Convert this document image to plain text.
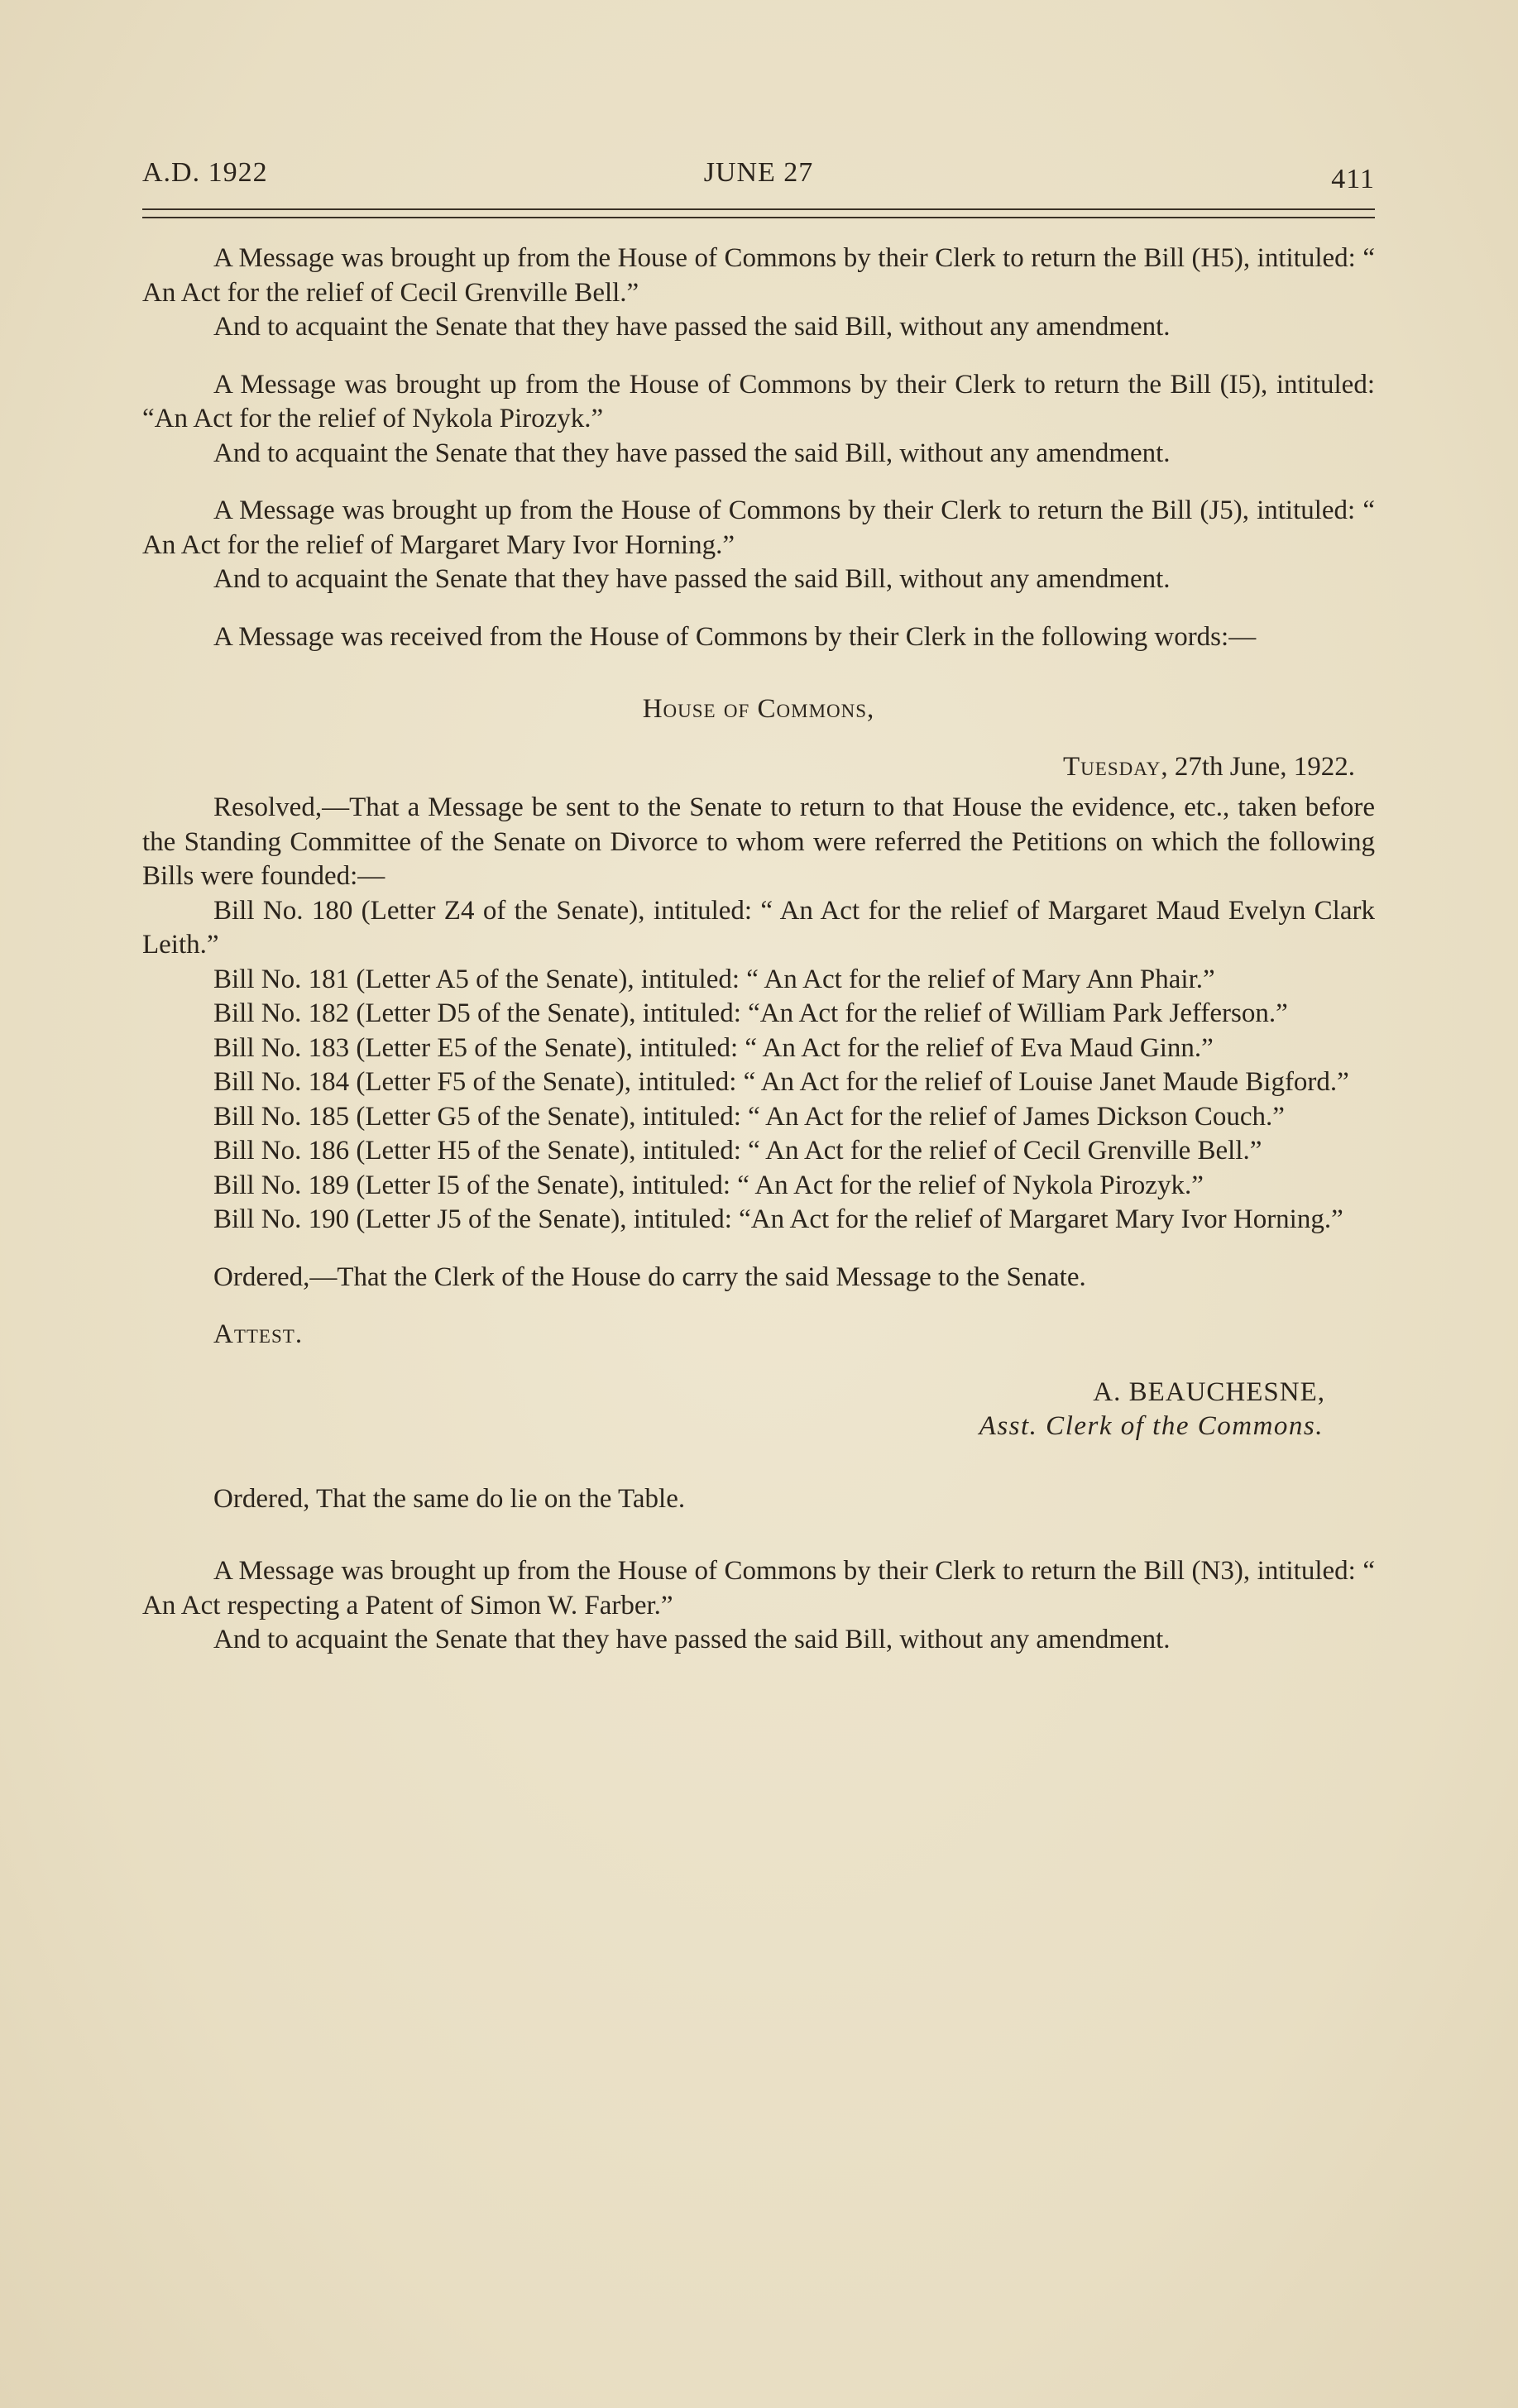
A.D. 1922	JUNE 27	411

A Message was brought up from the House of Commons by their Clerk to return the Bill (H5), intituled: “ An Act for the relief of Cecil Grenville Bell.”

And to acquaint the Senate that they have passed the said Bill, without any amendment.

A Message was brought up from the House of Commons by their Clerk to return the Bill (I5), intituled: “An Act for the relief of Nykola Pirozyk.”

And to acquaint the Senate that they have passed the said Bill, without any amendment.

A Message was brought up from the House of Commons by their Clerk to return the Bill (J5), intituled: “ An Act for the relief of Margaret Mary Ivor Horning.”

And to acquaint the Senate that they have passed the said Bill, without any amendment.

A Message was received from the House of Commons by their Clerk in the following words:—

House of Commons,

Tuesday, 27th June, 1922.

Resolved,—That a Message be sent to the Senate to return to that House the evidence, etc., taken before the Standing Committee of the Senate on Divorce to whom were referred the Petitions on which the following Bills were founded:—

Bill No. 180 (Letter Z4 of the Senate), intituled: “ An Act for the relief of Margaret Maud Evelyn Clark Leith.”

Bill No. 181 (Letter A5 of the Senate), intituled: “ An Act for the relief of Mary Ann Phair.”

Bill No. 182 (Letter D5 of the Senate), intituled: “An Act for the relief of William Park Jefferson.”

Bill No. 183 (Letter E5 of the Senate), intituled: “ An Act for the relief of Eva Maud Ginn.”

Bill No. 184 (Letter F5 of the Senate), intituled: “ An Act for the relief of Louise Janet Maude Bigford.”

Bill No. 185 (Letter G5 of the Senate), intituled: “ An Act for the relief of James Dickson Couch.”

Bill No. 186 (Letter H5 of the Senate), intituled: “ An Act for the relief of Cecil Grenville Bell.”

Bill No. 189 (Letter I5 of the Senate), intituled: “ An Act for the relief of Nykola Pirozyk.”

Bill No. 190 (Letter J5 of the Senate), intituled: “An Act for the relief of Margaret Mary Ivor Horning.”

Ordered,—That the Clerk of the House do carry the said Message to the Senate.

Attest.

A. BEAUCHESNE,

Asst. Clerk of the Commons.

Ordered, That the same do lie on the Table.

A Message was brought up from the House of Commons by their Clerk to return the Bill (N3), intituled: “ An Act respecting a Patent of Simon W. Farber.”

And to acquaint the Senate that they have passed the said Bill, without any amendment.
